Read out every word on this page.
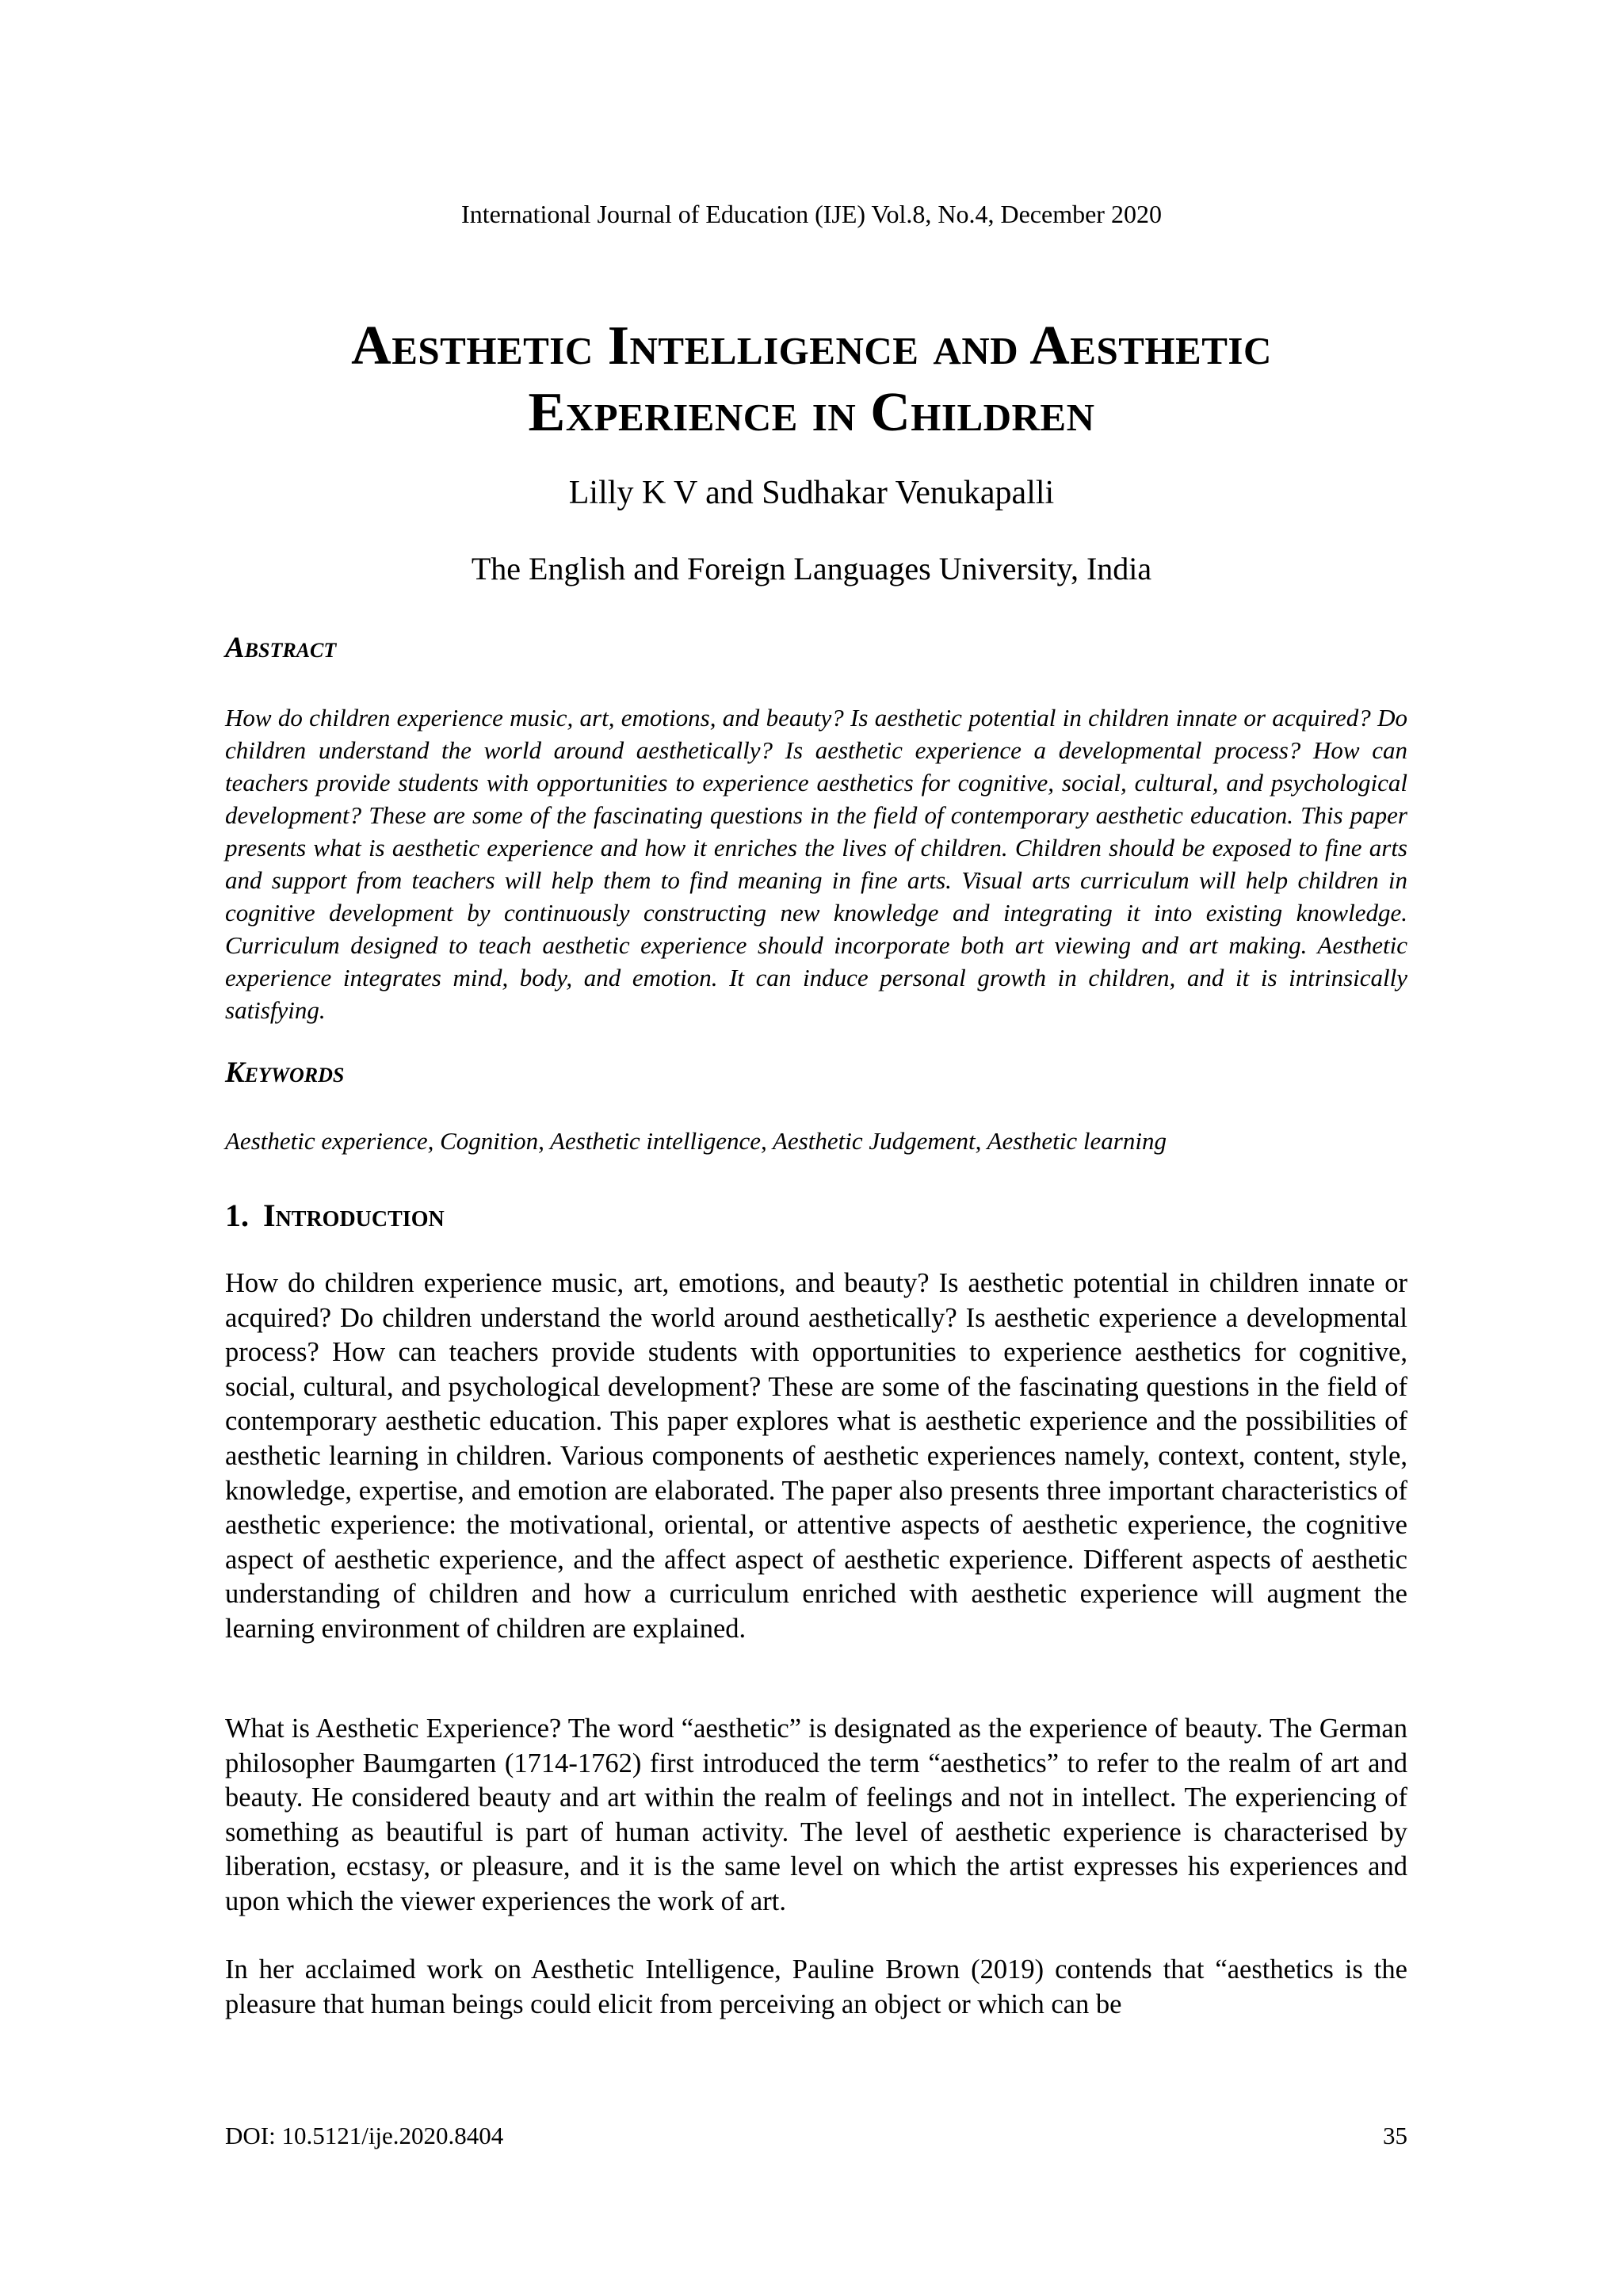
International Journal of Education (IJE) Vol.8, No.4, December 2020
Aesthetic Intelligence and Aesthetic Experience in Children
Lilly K V and Sudhakar Venukapalli
The English and Foreign Languages University, India
Abstract

How do children experience music, art, emotions, and beauty? Is aesthetic potential in children innate or acquired? Do children understand the world around aesthetically? Is aesthetic experience a developmental process? How can teachers provide students with opportunities to experience aesthetics for cognitive, social, cultural, and psychological development? These are some of the fascinating questions in the field of contemporary aesthetic education. This paper presents what is aesthetic experience and how it enriches the lives of children. Children should be exposed to fine arts and support from teachers will help them to find meaning in fine arts. Visual arts curriculum will help children in cognitive development by continuously constructing new knowledge and integrating it into existing knowledge. Curriculum designed to teach aesthetic experience should incorporate both art viewing and art making. Aesthetic experience integrates mind, body, and emotion. It can induce personal growth in children, and it is intrinsically satisfying.

Keywords

Aesthetic experience, Cognition, Aesthetic intelligence, Aesthetic Judgement, Aesthetic learning

1. Introduction

How do children experience music, art, emotions, and beauty? Is aesthetic potential in children innate or acquired? Do children understand the world around aesthetically? Is aesthetic experience a developmental process? How can teachers provide students with opportunities to experience aesthetics for cognitive, social, cultural, and psychological development? These are some of the fascinating questions in the field of contemporary aesthetic education. This paper explores what is aesthetic experience and the possibilities of aesthetic learning in children. Various components of aesthetic experiences namely, context, content, style, knowledge, expertise, and emotion are elaborated. The paper also presents three important characteristics of aesthetic experience: the motivational, oriental, or attentive aspects of aesthetic experience, the cognitive aspect of aesthetic experience, and the affect aspect of aesthetic experience. Different aspects of aesthetic understanding of children and how a curriculum enriched with aesthetic experience will augment the learning environment of children are explained.

What is Aesthetic Experience? The word “aesthetic” is designated as the experience of beauty. The German philosopher Baumgarten (1714-1762) first introduced the term “aesthetics” to refer to the realm of art and beauty. He considered beauty and art within the realm of feelings and not in intellect. The experiencing of something as beautiful is part of human activity. The level of aesthetic experience is characterised by liberation, ecstasy, or pleasure, and it is the same level on which the artist expresses his experiences and upon which the viewer experiences the work of art.

In her acclaimed work on Aesthetic Intelligence, Pauline Brown (2019) contends that “aesthetics is the pleasure that human beings could elicit from perceiving an object or which can be

DOI: 10.5121/ije.2020.8404	35
